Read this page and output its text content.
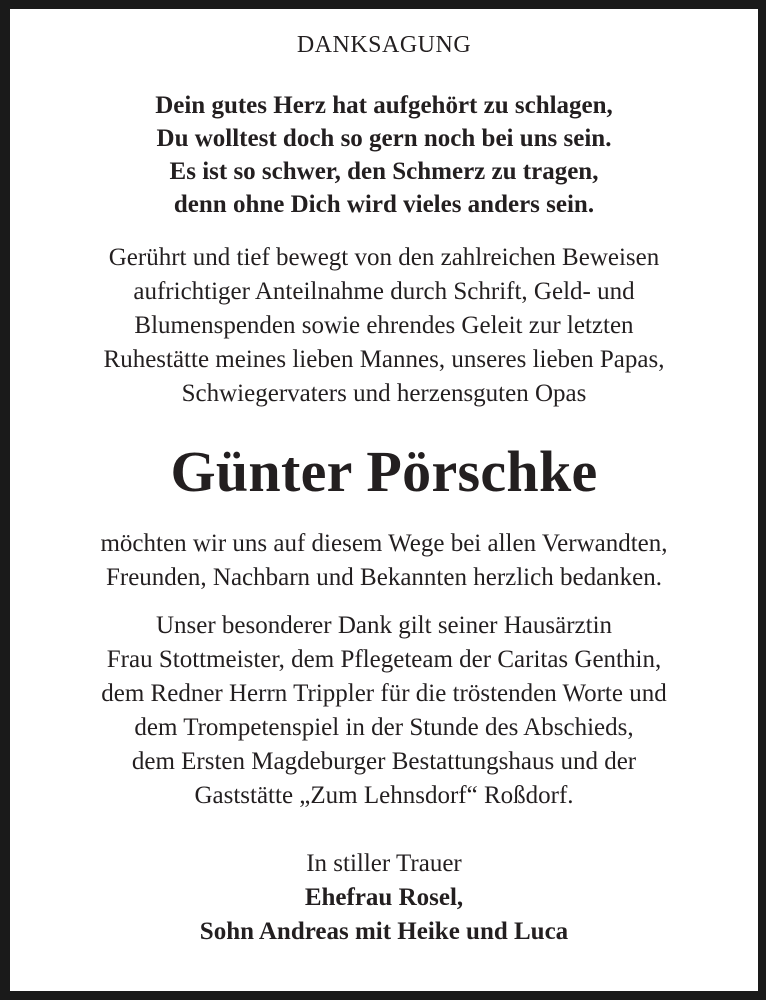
DANKSAGUNG
Dein gutes Herz hat aufgehört zu schlagen,
Du wolltest doch so gern noch bei uns sein.
Es ist so schwer, den Schmerz zu tragen,
denn ohne Dich wird vieles anders sein.
Gerührt und tief bewegt von den zahlreichen Beweisen
aufrichtiger Anteilnahme durch Schrift, Geld- und
Blumenspenden sowie ehrendes Geleit zur letzten
Ruhestätte meines lieben Mannes, unseres lieben Papas,
Schwiegervaters und herzensguten Opas
Günter Pörschke
möchten wir uns auf diesem Wege bei allen Verwandten,
Freunden, Nachbarn und Bekannten herzlich bedanken.
Unser besonderer Dank gilt seiner Hausärztin
Frau Stottmeister, dem Pflegeteam der Caritas Genthin,
dem Redner Herrn Trippler für die tröstenden Worte und
dem Trompetenspiel in der Stunde des Abschieds,
dem Ersten Magdeburger Bestattungshaus und der
Gaststätte „Zum Lehnsdorf“ Roßdorf.
In stiller Trauer
Ehefrau Rosel,
Sohn Andreas mit Heike und Luca
